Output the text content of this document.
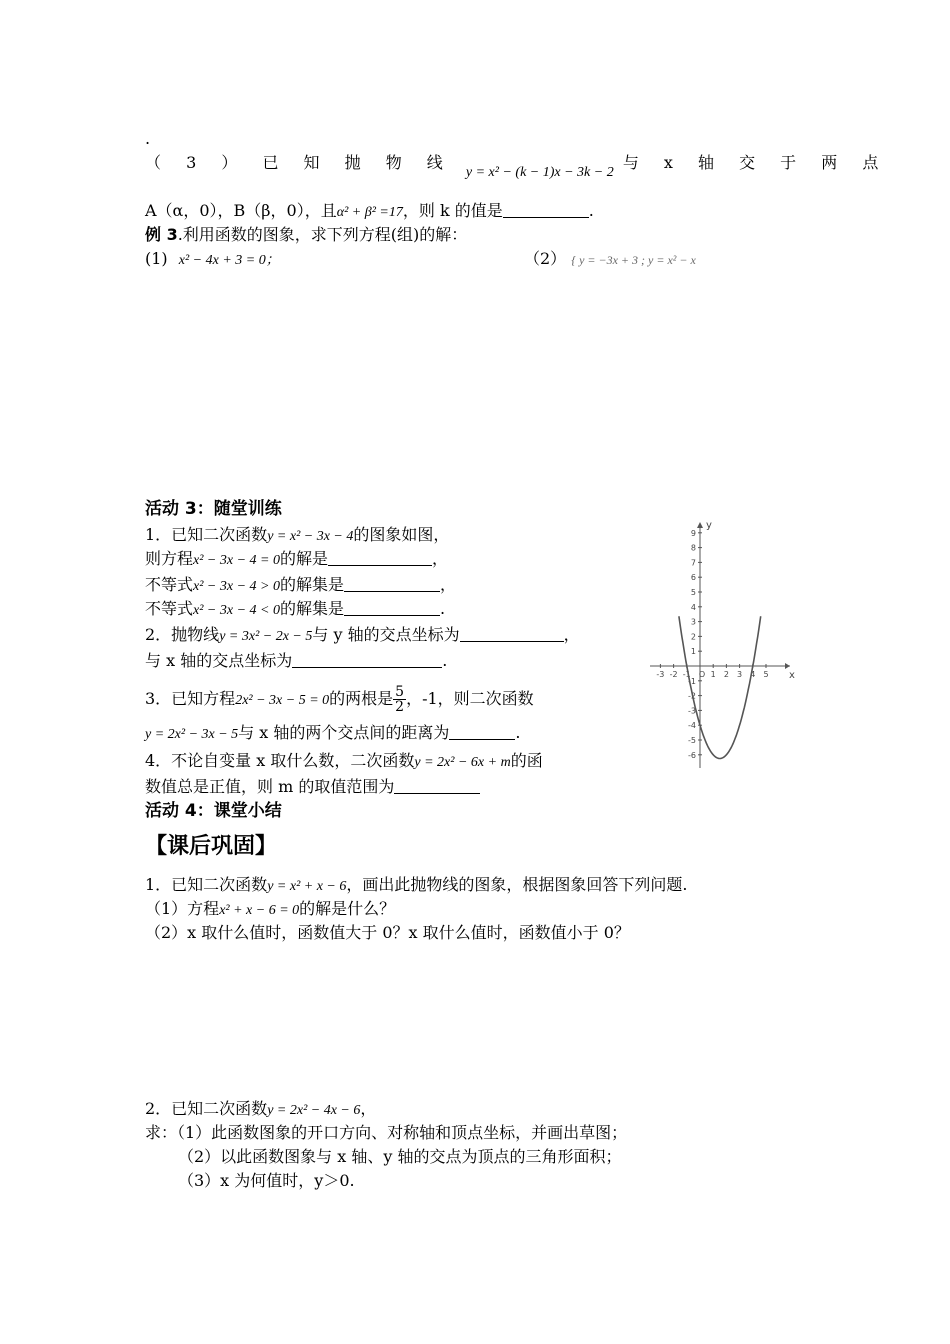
.
（ 3 ） 已 知 抛 物 线 y = x² − (k − 1)x − 3k − 2 与 x 轴 交 于 两 点
A（α，0），B（β，0），且α² + β² =17，则 k 的值是	.
例 3.利用函数的图象，求下列方程(组)的解：
(1) x² − 4x + 3 = 0；	（2） { y = −3x + 3 ; y = x² − x
活动 3：随堂训练
1．已知二次函数y = x² − 3x − 4的图象如图，
则方程x² − 3x − 4 = 0的解是	，
不等式x² − 3x − 4 > 0的解集是	，
不等式x² − 3x − 4 < 0的解集是	.
2．抛物线y = 3x² − 2x − 5与 y 轴的交点坐标为	，
与 x 轴的交点坐标为	.
3．已知方程2x² − 3x − 5 = 0的两根是 $\frac{5}{2}$ ，-1，则二次函数
y = 2x² − 3x − 5与 x 轴的两个交点间的距离为	.
4．不论自变量 x 取什么数，二次函数y = 2x² − 6x + m的函
数值总是正值，则 m 的取值范围为
活动 4：课堂小结
【课后巩固】
1．已知二次函数y = x² + x − 6，画出此抛物线的图象，根据图象回答下列问题.
（1）方程x² + x − 6 = 0的解是什么？
（2）x 取什么值时，函数值大于 0？x 取什么值时，函数值小于 0？
2．已知二次函数y = 2x² − 4x − 6，
求：（1）此函数图象的开口方向、对称轴和顶点坐标，并画出草图；
（2）以此函数图象与 x 轴、y 轴的交点为顶点的三角形面积；
（3）x 为何值时，y＞0.
x
y
-3 -2 -1 O 1 2 3 4 5
9
8
7
6
5
4
3
2
1
-1
-2
-3
-4
-5
-6
